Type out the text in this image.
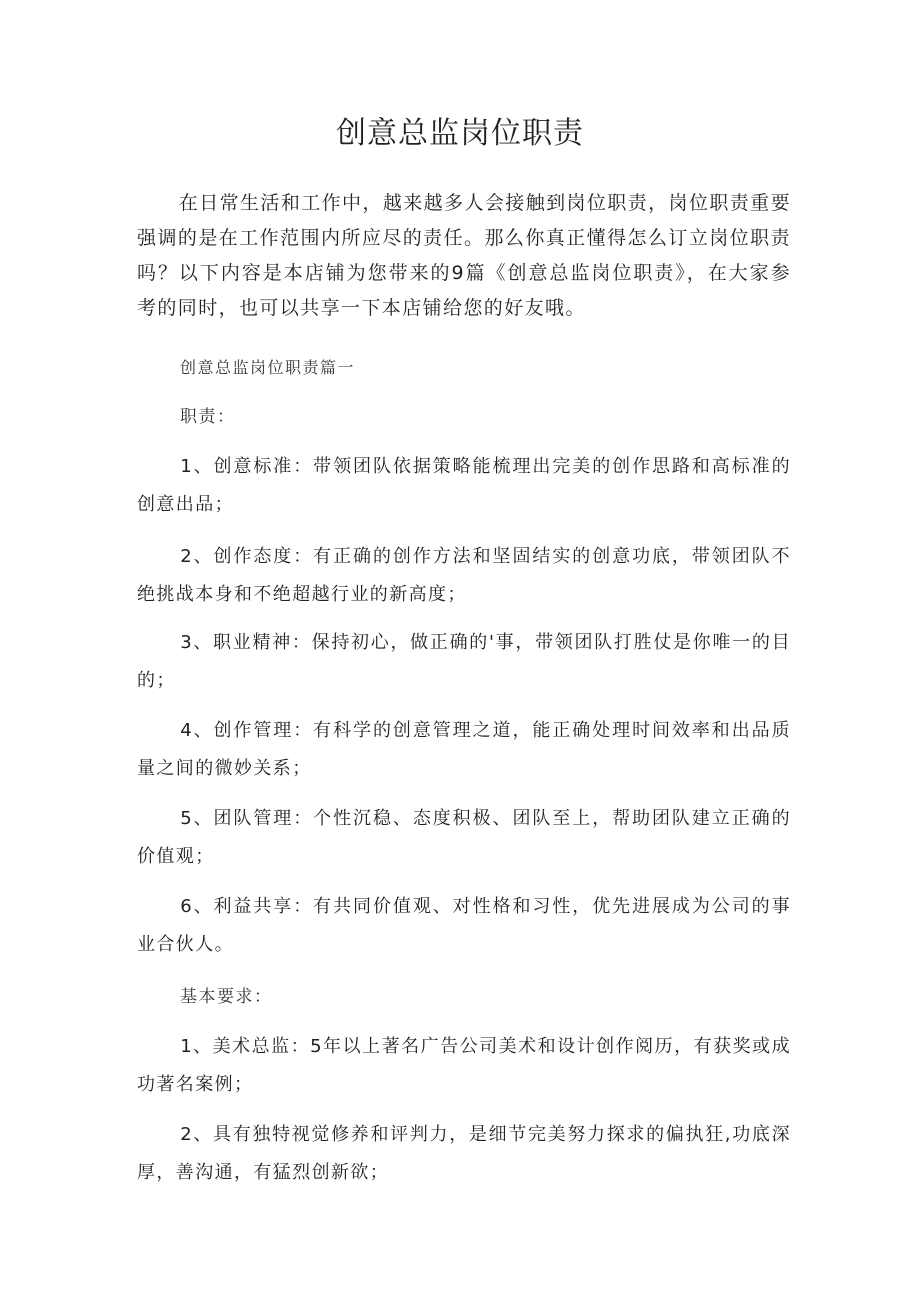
创意总监岗位职责

在日常生活和工作中，越来越多人会接触到岗位职责，岗位职责重要强调的是在工作范围内所应尽的责任。那么你真正懂得怎么订立岗位职责吗？以下内容是本店铺为您带来的9篇《创意总监岗位职责》，在大家参考的同时，也可以共享一下本店铺给您的好友哦。

创意总监岗位职责篇一

职责：

1、创意标准：带领团队依据策略能梳理出完美的创作思路和高标准的创意出品；

2、创作态度：有正确的创作方法和坚固结实的创意功底，带领团队不绝挑战本身和不绝超越行业的新高度；

3、职业精神：保持初心，做正确的'事，带领团队打胜仗是你唯一的目的；

4、创作管理：有科学的创意管理之道，能正确处理时间效率和出品质量之间的微妙关系；

5、团队管理：个性沉稳、态度积极、团队至上，帮助团队建立正确的价值观；

6、利益共享：有共同价值观、对性格和习性，优先进展成为公司的事业合伙人。

基本要求：

1、美术总监：5年以上著名广告公司美术和设计创作阅历，有获奖或成功著名案例；

2、具有独特视觉修养和评判力，是细节完美努力探求的偏执狂,功底深厚，善沟通，有猛烈创新欲；
